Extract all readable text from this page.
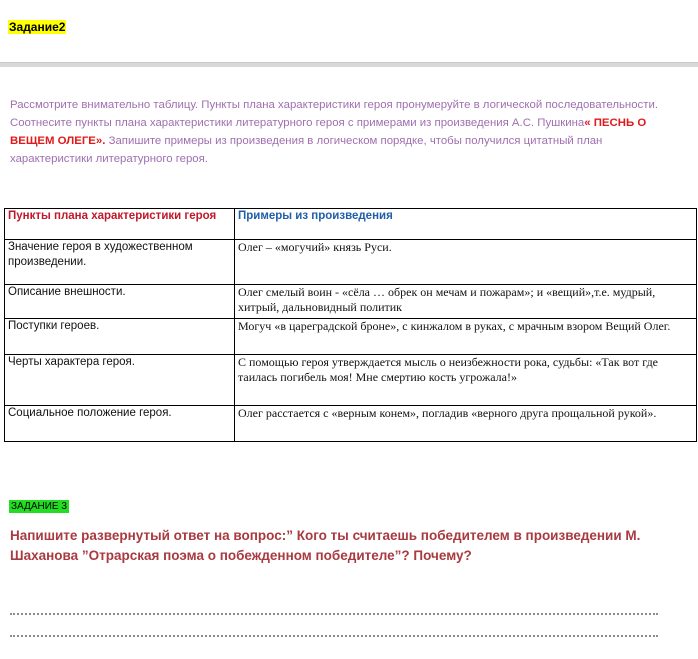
Задание2
Рассмотрите внимательно таблицу. Пункты плана характеристики героя пронумеруйте в логической последовательности. Соотнесите пункты плана характеристики литературного героя с примерами из произведения А.С. Пушкина« ПЕСНЬ О ВЕЩЕМ ОЛЕГЕ». Запишите примеры из произведения в логическом порядке, чтобы получился цитатный план характеристики литературного героя.
Пункты плана характеристики героя	Примеры из произведения
Значение героя в художественном произведении.	Олег – «могучий» князь Руси.
Описание внешности.	Олег смелый воин - «сёла … обрек он мечам и пожарам»; и «вещий»,т.е. мудрый, хитрый, дальновидный политик
Поступки героев.	Могуч «в цареградской броне», с кинжалом в руках, с мрачным взором Вещий Олег.
Черты характера героя.	С помощью героя утверждается мысль о неизбежности рока, судьбы: «Так вот где таилась погибель моя! Мне смертию кость угрожала!»
Социальное положение героя.	Олег расстается с «верным конем», погладив «верного друга прощальной рукой».
ЗАДАНИЕ 3
Напишите развернутый ответ на вопрос:” Кого ты считаешь победителем в произведении М. Шаханова ”Отрарская поэма о побежденном победителе”? Почему?
